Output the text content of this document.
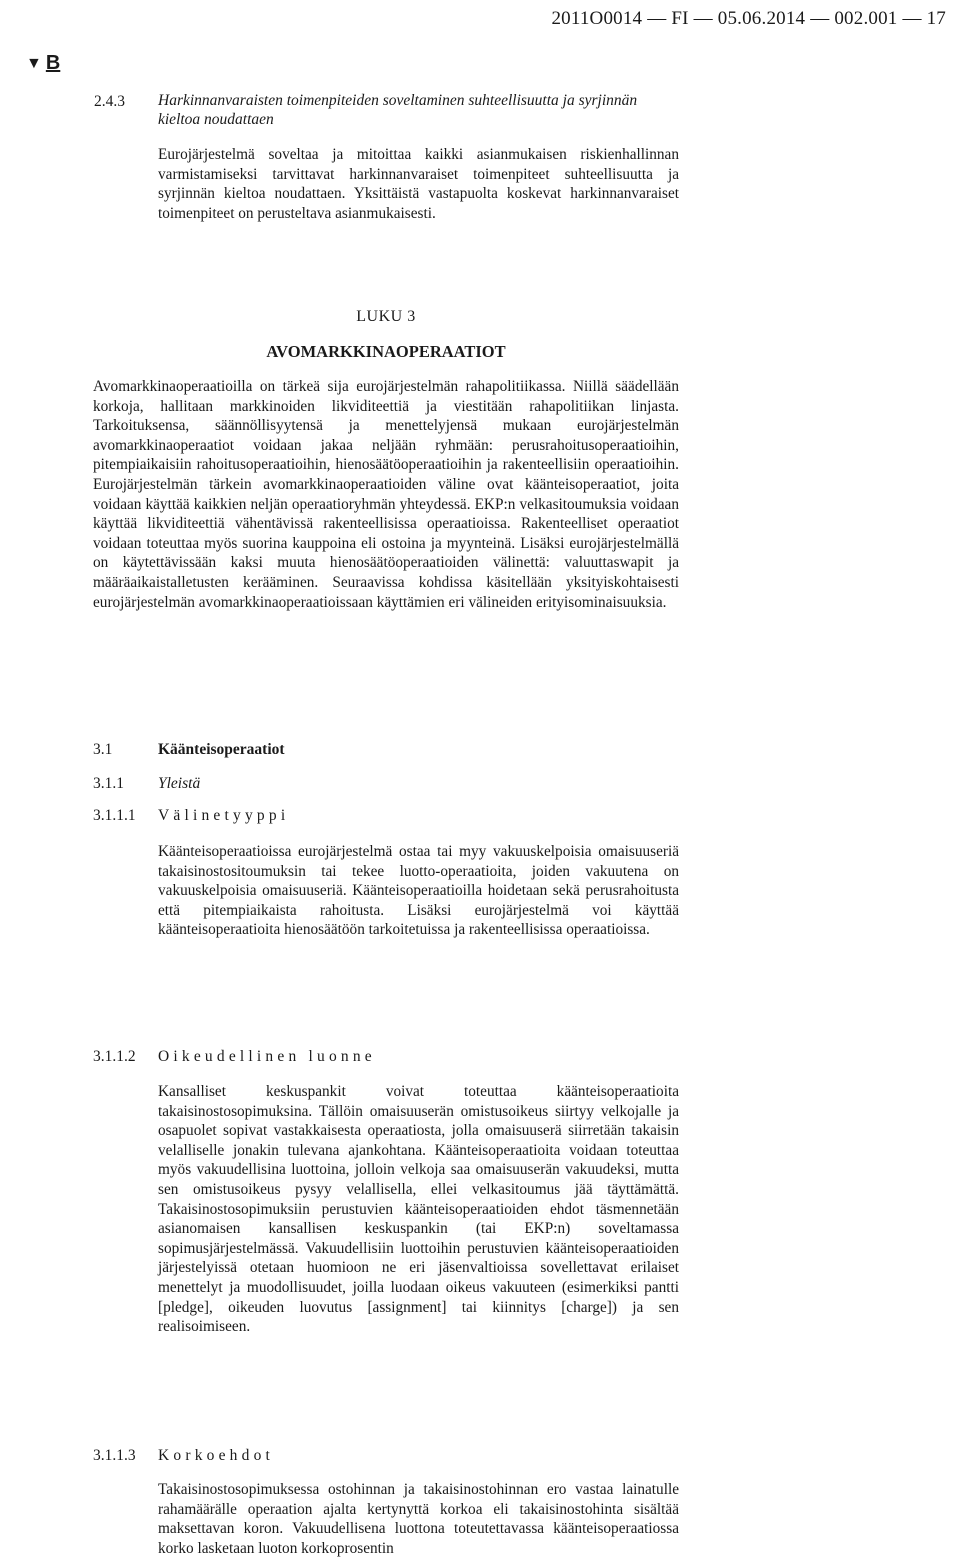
2011O0014 — FI — 05.06.2014 — 002.001 — 17
▼ B
2.4.3 Harkinnanvaraisten toimenpiteiden soveltaminen suhteellisuutta ja syrjinnän kieltoa noudattaen
Eurojärjestelmä soveltaa ja mitoittaa kaikki asianmukaisen riskienhallinnan varmistamiseksi tarvittavat harkinnanvaraiset toimenpiteet suhteellisuutta ja syrjinnän kieltoa noudattaen. Yksittäistä vastapuolta koskevat harkinnanvaraiset toimenpiteet on perusteltava asianmukaisesti.
LUKU 3
AVOMARKKINAOPERAATIOT
Avomarkkinaoperaatioilla on tärkeä sija eurojärjestelmän rahapolitiikassa. Niillä säädellään korkoja, hallitaan markkinoiden likviditeettiä ja viestitään rahapolitiikan linjasta. Tarkoituksensa, säännöllisyytensä ja menettelyjensä mukaan eurojärjestelmän avomarkkinaoperaatiot voidaan jakaa neljään ryhmään: perusrahoitusoperaatioihin, pitempiaikaisiin rahoitusoperaatioihin, hienosäätöoperaatioihin ja rakenteellisiin operaatioihin. Eurojärjestelmän tärkein avomarkkinaoperaatioiden väline ovat käänteisoperaatiot, joita voidaan käyttää kaikkien neljän operaatioryhmän yhteydessä. EKP:n velkasitoumuksia voidaan käyttää likviditeettiä vähentävissä rakenteellisissa operaatioissa. Rakenteelliset operaatiot voidaan toteuttaa myös suorina kauppoina eli ostoina ja myynteinä. Lisäksi eurojärjestelmällä on käytettävissään kaksi muuta hienosäätöoperaatioiden välinettä: valuuttaswapit ja määräaikaistalletusten kerääminen. Seuraavissa kohdissa käsitellään yksityiskohtaisesti eurojärjestelmän avomarkkinaoperaatioissaan käyttämien eri välineiden erityisominaisuuksia.
3.1	Käänteisoperaatiot
3.1.1	Yleistä
3.1.1.1	Välinetyyppi
Käänteisoperaatioissa eurojärjestelmä ostaa tai myy vakuuskelpoisia omaisuuseriä takaisinostositoumuksin tai tekee luotto-operaatioita, joiden vakuutena on vakuuskelpoisia omaisuuseriä. Käänteisoperaatioilla hoidetaan sekä perusrahoitusta että pitempiaikaista rahoitusta. Lisäksi eurojärjestelmä voi käyttää käänteisoperaatioita hienosäätöön tarkoitetuissa ja rakenteellisissa operaatioissa.
3.1.1.2	Oikeudellinen luonne
Kansalliset keskuspankit voivat toteuttaa käänteisoperaatioita takaisinostosopimuksina. Tällöin omaisuuserän omistusoikeus siirtyy velkojalle ja osapuolet sopivat vastakkaisesta operaatiosta, jolla omaisuuserä siirretään takaisin velalliselle jonakin tulevana ajankohtana. Käänteisoperaatioita voidaan toteuttaa myös vakuudellisina luottoina, jolloin velkoja saa omaisuuserän vakuudeksi, mutta sen omistusoikeus pysyy velallisella, ellei velkasitoumus jää täyttämättä. Takaisinostosopimuksiin perustuvien käänteisoperaatioiden ehdot täsmennetään asianomaisen kansallisen keskuspankin (tai EKP:n) soveltamassa sopimusjärjestelmässä. Vakuudellisiin luottoihin perustuvien käänteisoperaatioiden järjestelyissä otetaan huomioon ne eri jäsenvaltioissa sovellettavat erilaiset menettelyt ja muodollisuudet, joilla luodaan oikeus vakuuteen (esimerkiksi pantti [pledge], oikeuden luovutus [assignment] tai kiinnitys [charge]) ja sen realisoimiseen.
3.1.1.3	Korkoehdot
Takaisinostosopimuksessa ostohinnan ja takaisinostohinnan ero vastaa lainatulle rahamäärälle operaation ajalta kertynyttä korkoa eli takaisinostohinta sisältää maksettavan koron. Vakuudellisena luottona toteutettavassa käänteisoperaatiossa korko lasketaan luoton korkoprosentin
